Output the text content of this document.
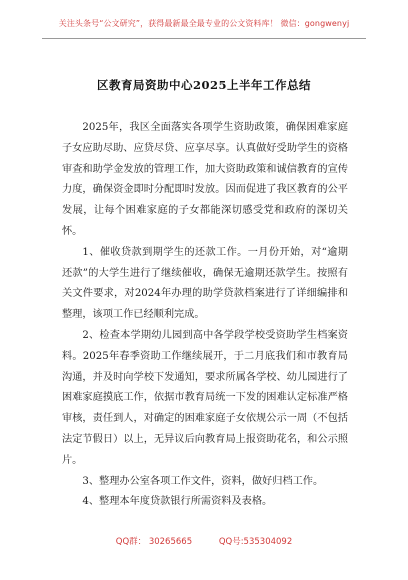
关注头条号“公文研究”，获得最新最全最专业的公文资料库！ 微信：gongwenyj
区教育局资助中心2025上半年工作总结

2025年，我区全面落实各项学生资助政策，确保困难家庭子女应助尽助、应贷尽贷、应享尽享。认真做好受助学生的资格审查和助学金发放的管理工作，加大资助政策和诚信教育的宣传力度，确保资金即时分配即时发放。因而促进了我区教育的公平发展，让每个困难家庭的子女都能深切感受党和政府的深切关怀。

1、催收贷款到期学生的还款工作。一月份开始，对“逾期还款”的大学生进行了继续催收，确保无逾期还款学生。按照有关文件要求，对2024年办理的助学贷款档案进行了详细编排和整理，该项工作已经顺利完成。

2、检查本学期幼儿园到高中各学段学校受资助学生档案资料。2025年春季资助工作继续展开，于二月底我们和市教育局沟通，并及时向学校下发通知，要求所属各学校、幼儿园进行了困难家庭摸底工作，依据市教育局统一下发的困难认定标准严格审核，责任到人，对确定的困难家庭子女依规公示一周（不包括法定节假日）以上，无异议后向教育局上报资助花名，和公示照片。

3、整理办公室各项工作文件，资料，做好归档工作。

4、整理本年度贷款银行所需资料及表格。

QQ群： 30265665	QQ号:535304092
